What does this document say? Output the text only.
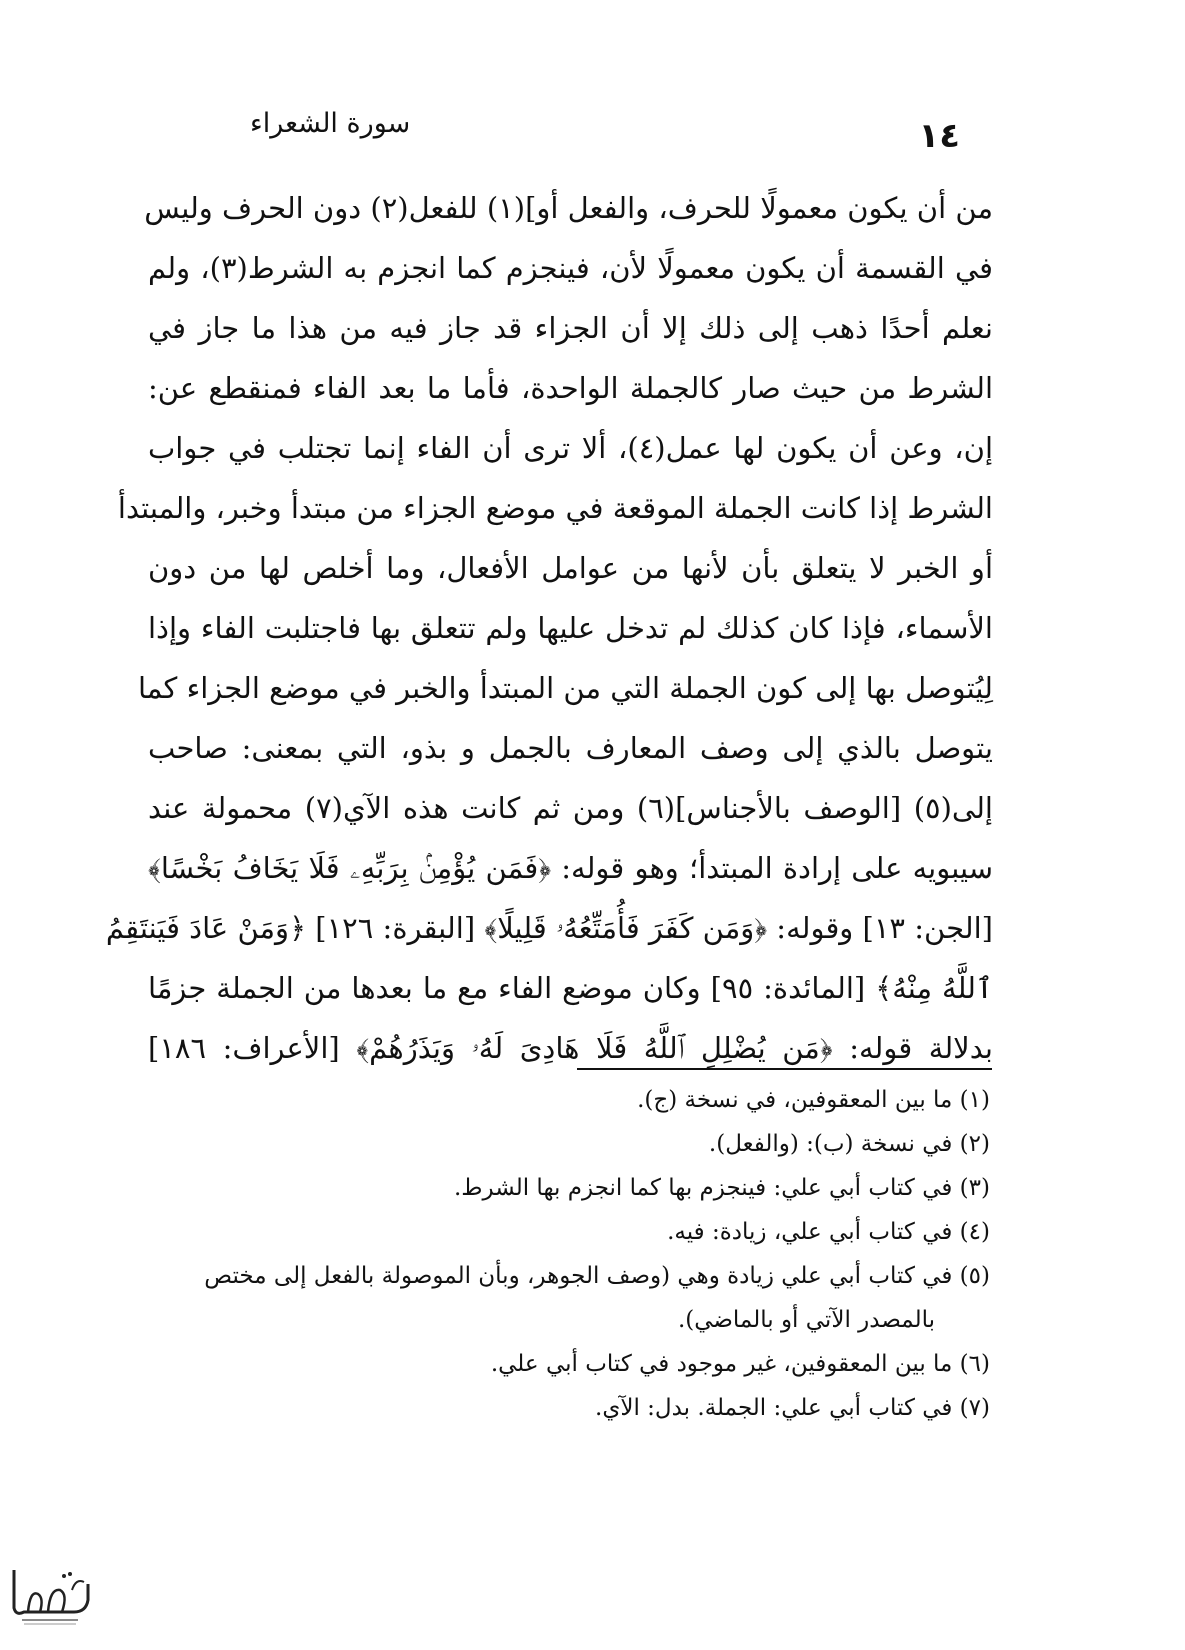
١٤
سورة الشعراء
من أن يكون معمولًا للحرف، والفعل أو](١) للفعل(٢) دون الحرف وليس
في القسمة أن يكون معمولًا لأن، فينجزم كما انجزم به الشرط(٣)، ولم
نعلم أحدًا ذهب إلى ذلك إلا أن الجزاء قد جاز فيه من هذا ما جاز في
الشرط من حيث صار كالجملة الواحدة، فأما ما بعد الفاء فمنقطع عن:
إن، وعن أن يكون لها عمل(٤)، ألا ترى أن الفاء إنما تجتلب في جواب
الشرط إذا كانت الجملة الموقعة في موضع الجزاء من مبتدأ وخبر، والمبتدأ
أو الخبر لا يتعلق بأن لأنها من عوامل الأفعال، وما أخلص لها من دون
الأسماء، فإذا كان كذلك لم تدخل عليها ولم تتعلق بها فاجتلبت الفاء وإذا
لِيُتوصل بها إلى كون الجملة التي من المبتدأ والخبر في موضع الجزاء كما
يتوصل بالذي إلى وصف المعارف بالجمل و بذو، التي بمعنى: صاحب
إلى(٥) [الوصف بالأجناس](٦) ومن ثم كانت هذه الآي(٧) محمولة عند
سيبويه على إرادة المبتدأ؛ وهو قوله: ﴿فَمَن يُؤْمِنۢ بِرَبِّهِۦ فَلَا يَخَافُ بَخْسًا﴾
[الجن: ١٣] وقوله: ﴿وَمَن كَفَرَ فَأُمَتِّعُهُۥ قَلِيلًا﴾ [البقرة: ١٢٦] ﴿وَمَنْ عَادَ فَيَنتَقِمُ
ٱللَّهُ مِنْهُ﴾ [المائدة: ٩٥] وكان موضع الفاء مع ما بعدها من الجملة جزمًا
بدلالة قوله: ﴿مَن يُضْلِلِ ٱللَّهُ فَلَا هَادِىَ لَهُۥ وَيَذَرُهُمْ﴾ [الأعراف: ١٨٦]
(١) ما بين المعقوفين، في نسخة (ج).
(٢) في نسخة (ب): (والفعل).
(٣) في كتاب أبي علي: فينجزم بها كما انجزم بها الشرط.
(٤) في كتاب أبي علي، زيادة: فيه.
(٥) في كتاب أبي علي زيادة وهي (وصف الجوهر، وبأن الموصولة بالفعل إلى مختص
بالمصدر الآتي أو بالماضي).
(٦) ما بين المعقوفين، غير موجود في كتاب أبي علي.
(٧) في كتاب أبي علي: الجملة. بدل: الآي.
